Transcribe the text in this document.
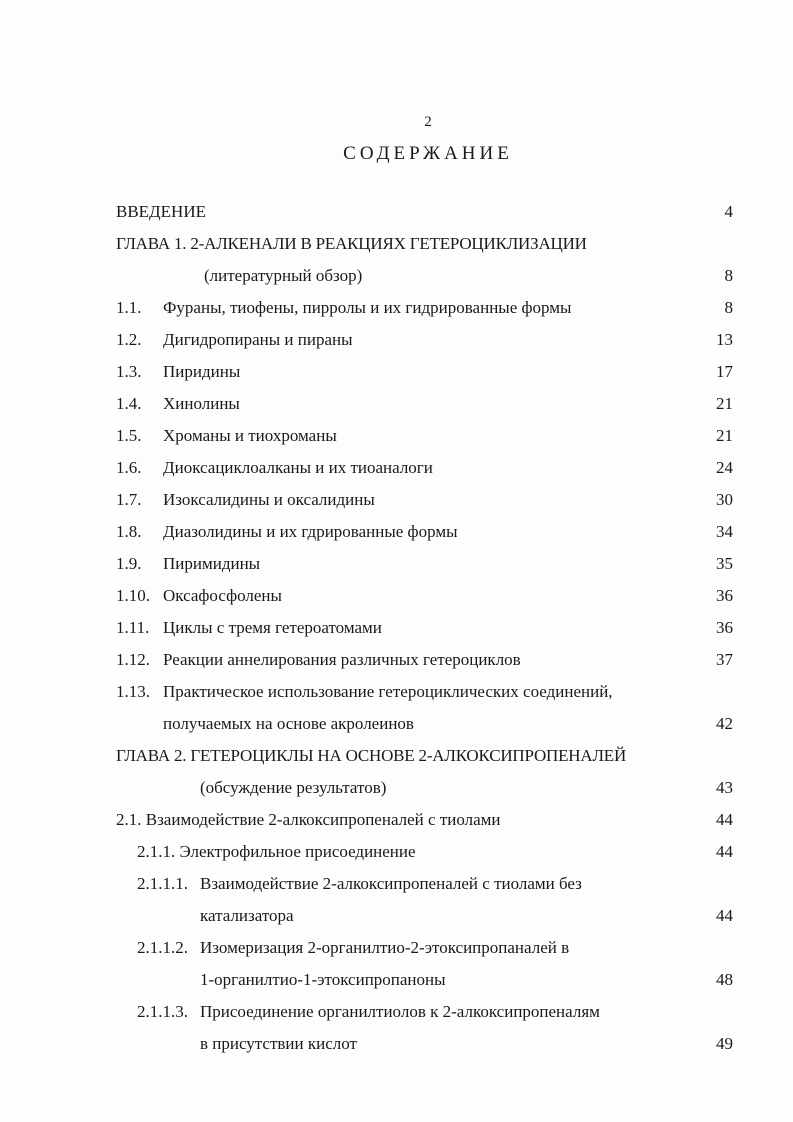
2
СОДЕРЖАНИЕ
ВВЕДЕНИЕ	4
ГЛАВА 1. 2-АЛКЕНАЛИ В РЕАКЦИЯХ ГЕТЕРОЦИКЛИЗАЦИИ
(литературный обзор)	8
1.1. Фураны, тиофены, пирролы и их гидрированные формы	8
1.2. Дигидропираны и пираны	13
1.3. Пиридины	17
1.4. Хинолины	21
1.5. Хроманы и тиохроманы	21
1.6. Диоксациклоалканы и их тиоаналоги	24
1.7. Изоксалидины и оксалидины	30
1.8. Диазолидины и их гдрированные формы	34
1.9. Пиримидины	35
1.10. Оксафосфолены	36
1.11. Циклы с тремя гетероатомами	36
1.12. Реакции аннелирования различных гетероциклов	37
1.13. Практическое использование гетероциклических соединений,
получаемых на основе акролеинов	42
ГЛАВА 2. ГЕТЕРОЦИКЛЫ НА ОСНОВЕ 2-АЛКОКСИПРОПЕНАЛЕЙ
(обсуждение результатов)	43
2.1. Взаимодействие 2-алкоксипропеналей с тиолами	44
2.1.1. Электрофильное присоединение	44
2.1.1.1. Взаимодействие 2-алкоксипропеналей с тиолами без
катализатора	44
2.1.1.2. Изомеризация 2-органилтио-2-этоксипропаналей в
1-органилтио-1-этоксипропаноны	48
2.1.1.3. Присоединение органилтиолов к 2-алкоксипропеналям
в присутствии кислот	49
